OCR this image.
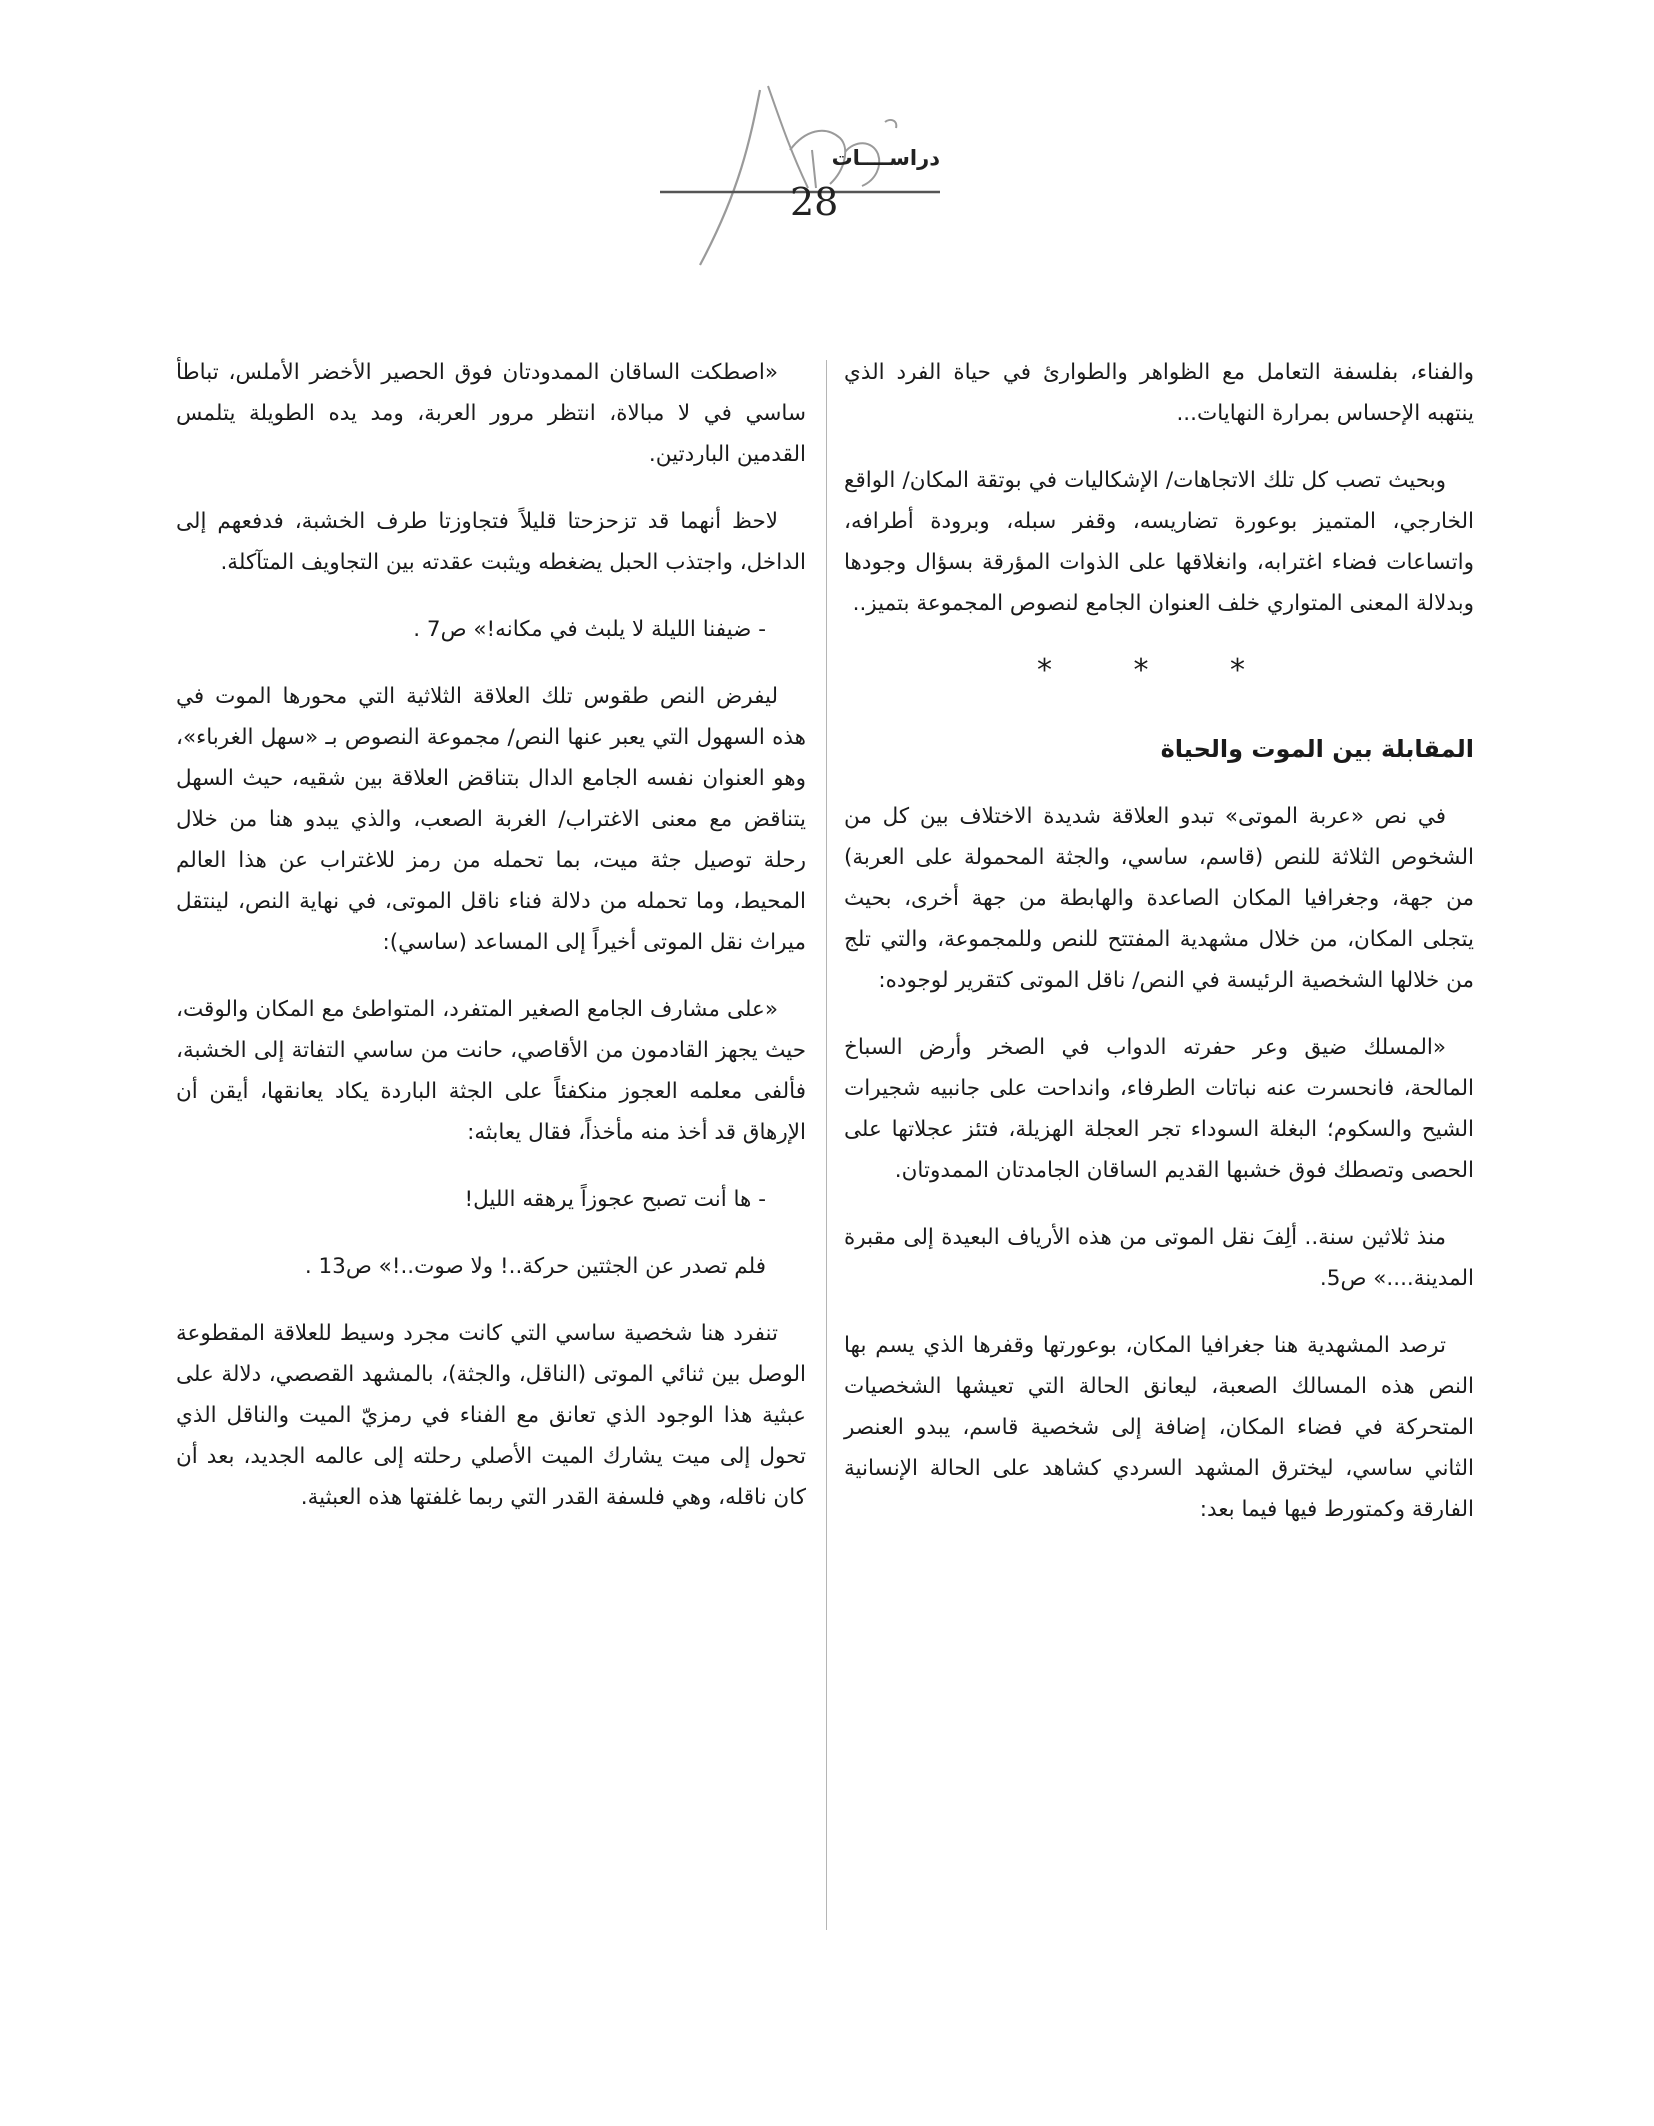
دراســــات
28

والفناء، بفلسفة التعامل مع الظواهر والطوارئ في حياة الفرد الذي ينتهبه الإحساس بمرارة النهايات...

وبحيث تصب كل تلك الاتجاهات/ الإشكاليات في بوتقة المكان/ الواقع الخارجي، المتميز بوعورة تضاريسه، وقفر سبله، وبرودة أطرافه، واتساعات فضاء اغترابه، وانغلاقها على الذوات المؤرقة بسؤال وجودها وبدلالة المعنى المتواري خلف العنوان الجامع لنصوص المجموعة بتميز..

* * *

المقابلة بين الموت والحياة

في نص «عربة الموتى» تبدو العلاقة شديدة الاختلاف بين كل من الشخوص الثلاثة للنص (قاسم، ساسي، والجثة المحمولة على العربة) من جهة، وجغرافيا المكان الصاعدة والهابطة من جهة أخرى، بحيث يتجلى المكان، من خلال مشهدية المفتتح للنص وللمجموعة، والتي تلج من خلالها الشخصية الرئيسة في النص/ ناقل الموتى كتقرير لوجوده:

«المسلك ضيق وعر حفرته الدواب في الصخر وأرض السباخ المالحة، فانحسرت عنه نباتات الطرفاء، وانداحت على جانبيه شجيرات الشيح والسكوم؛ البغلة السوداء تجر العجلة الهزيلة، فتئز عجلاتها على الحصى وتصطك فوق خشبها القديم الساقان الجامدتان الممدوتان.

منذ ثلاثين سنة.. ألِفَ نقل الموتى من هذه الأرياف البعيدة إلى مقبرة المدينة....» ص5.

ترصد المشهدية هنا جغرافيا المكان، بوعورتها وقفرها الذي يسم بها النص هذه المسالك الصعبة، ليعانق الحالة التي تعيشها الشخصيات المتحركة في فضاء المكان، إضافة إلى شخصية قاسم، يبدو العنصر الثاني ساسي، ليخترق المشهد السردي كشاهد على الحالة الإنسانية الفارقة وكمتورط فيها فيما بعد:

«اصطكت الساقان الممدودتان فوق الحصير الأخضر الأملس، تباطأ ساسي في لا مبالاة، انتظر مرور العربة، ومد يده الطويلة يتلمس القدمين الباردتين.

لاحظ أنهما قد تزحزحتا قليلاً فتجاوزتا طرف الخشبة، فدفعهم إلى الداخل، واجتذب الحبل يضغطه ويثبت عقدته بين التجاويف المتآكلة.

- ضيفنا الليلة لا يلبث في مكانه!» ص7 .

ليفرض النص طقوس تلك العلاقة الثلاثية التي محورها الموت في هذه السهول التي يعبر عنها النص/ مجموعة النصوص بـ «سهل الغرباء»، وهو العنوان نفسه الجامع الدال بتناقض العلاقة بين شقيه، حيث السهل يتناقض مع معنى الاغتراب/ الغربة الصعب، والذي يبدو هنا من خلال رحلة توصيل جثة ميت، بما تحمله من رمز للاغتراب عن هذا العالم المحيط، وما تحمله من دلالة فناء ناقل الموتى، في نهاية النص، لينتقل ميراث نقل الموتى أخيراً إلى المساعد (ساسي):

«على مشارف الجامع الصغير المتفرد، المتواطئ مع المكان والوقت، حيث يجهز القادمون من الأقاصي، حانت من ساسي التفاتة إلى الخشبة، فألفى معلمه العجوز منكفئاً على الجثة الباردة يكاد يعانقها، أيقن أن الإرهاق قد أخذ منه مأخذاً، فقال يعابثه:

- ها أنت تصبح عجوزاً يرهقه الليل!

فلم تصدر عن الجثتين حركة..! ولا صوت..!» ص13 .

تنفرد هنا شخصية ساسي التي كانت مجرد وسيط للعلاقة المقطوعة الوصل بين ثنائي الموتى (الناقل، والجثة)، بالمشهد القصصي، دلالة على عبثية هذا الوجود الذي تعانق مع الفناء في رمزيّ الميت والناقل الذي تحول إلى ميت يشارك الميت الأصلي رحلته إلى عالمه الجديد، بعد أن كان ناقله، وهي فلسفة القدر التي ربما غلفتها هذه العبثية.
